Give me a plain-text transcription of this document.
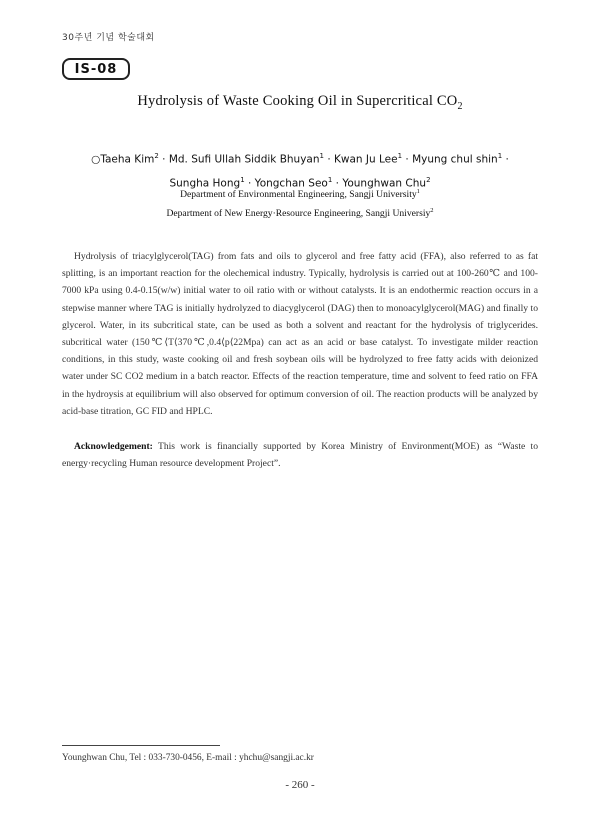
30주년 기념 학술대회
IS-08
Hydrolysis of Waste Cooking Oil in Supercritical $CO_2$
○Taeha Kim$^2$ · Md. Sufi Ullah Siddik Bhuyan$^1$ · Kwan Ju Lee$^1$ · Myung chul shin$^1$ ·
Sungha Hong$^1$ · Yongchan Seo$^1$ · Younghwan Chu$^2$
Department of Environmental Engineering, Sangji University$^1$
Department of New Energy·Resource Engineering, Sangji Universiy$^2$

Hydrolysis of triacylglycerol(TAG) from fats and oils to glycerol and free fatty acid (FFA), also referred to as fat splitting, is an important reaction for the olechemical industry. Typically, hydrolysis is carried out at 100-260℃ and 100-7000 kPa using 0.4-0.15(w/w) initial water to oil ratio with or without catalysts. It is an endothermic reaction occurs in a stepwise manner where TAG is initially hydrolyzed to diacyglycerol (DAG) then to monoacylglycerol(MAG) and finally to glycerol. Water, in its subcritical state, can be used as both a solvent and reactant for the hydrolysis of triglycerides. subcritical water (150℃⟨T⟨370℃,0.4⟨p⟨22Mpa) can act as an acid or base catalyst. To investigate milder reaction conditions, in this study, waste cooking oil and fresh soybean oils will be hydrolyzed to free fatty acids with deionized water under SC CO2 medium in a batch reactor. Effects of the reaction temperature, time and solvent to feed ratio on FFA in the hydroysis at equilibrium will also observed for optimum conversion of oil. The reaction products will be analyzed by acid-base titration, GC FID and HPLC.

Acknowledgement: This work is financially supported by Korea Ministry of Environment(MOE) as “Waste to energy·recycling Human resource development Project”.

Younghwan Chu, Tel : 033-730-0456, E-mail : yhchu@sangji.ac.kr
- 260 -
